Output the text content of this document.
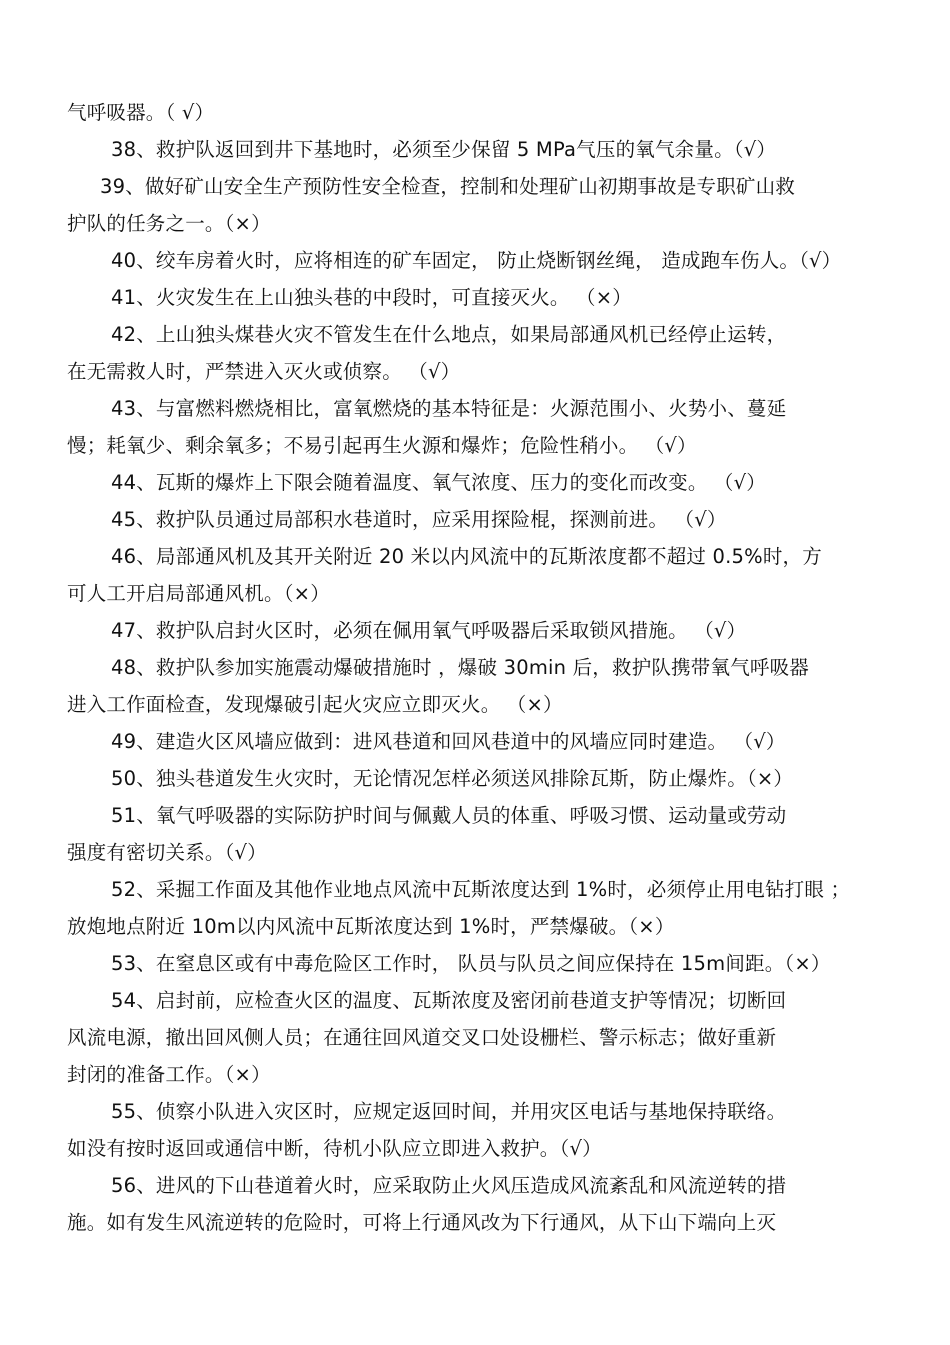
气呼吸器。（ √）
38、救护队返回到井下基地时，必须至少保留 5 MPa气压的氧气余量。（√）
39、做好矿山安全生产预防性安全检查，控制和处理矿山初期事故是专职矿山救
护队的任务之一。（×）
40、绞车房着火时，应将相连的矿车固定， 防止烧断钢丝绳， 造成跑车伤人。（√）
41、火灾发生在上山独头巷的中段时，可直接灭火。 （×）
42、上山独头煤巷火灾不管发生在什么地点，如果局部通风机已经停止运转，
在无需救人时，严禁进入灭火或侦察。 （√）
43、与富燃料燃烧相比，富氧燃烧的基本特征是：火源范围小、火势小、蔓延
慢；耗氧少、剩余氧多；不易引起再生火源和爆炸；危险性稍小。 （√）
44、瓦斯的爆炸上下限会随着温度、氧气浓度、压力的变化而改变。 （√）
45、救护队员通过局部积水巷道时，应采用探险棍，探测前进。 （√）
46、局部通风机及其开关附近 20 米以内风流中的瓦斯浓度都不超过 0.5%时，方
可人工开启局部通风机。（×）
47、救护队启封火区时，必须在佩用氧气呼吸器后采取锁风措施。 （√）
48、救护队参加实施震动爆破措施时 ，爆破 30min 后，救护队携带氧气呼吸器
进入工作面检查，发现爆破引起火灾应立即灭火。 （×）
49、建造火区风墙应做到：进风巷道和回风巷道中的风墙应同时建造。 （√）
50、独头巷道发生火灾时，无论情况怎样必须送风排除瓦斯，防止爆炸。（×）
51、氧气呼吸器的实际防护时间与佩戴人员的体重、呼吸习惯、运动量或劳动
强度有密切关系。（√）
52、采掘工作面及其他作业地点风流中瓦斯浓度达到 1%时，必须停止用电钻打眼 ；
放炮地点附近 10m以内风流中瓦斯浓度达到 1%时，严禁爆破。（×）
53、在窒息区或有中毒危险区工作时， 队员与队员之间应保持在 15m间距。（×）
54、启封前，应检查火区的温度、瓦斯浓度及密闭前巷道支护等情况；切断回
风流电源，撤出回风侧人员；在通往回风道交叉口处设栅栏、警示标志；做好重新
封闭的准备工作。（×）
55、侦察小队进入灾区时，应规定返回时间，并用灾区电话与基地保持联络。
如没有按时返回或通信中断，待机小队应立即进入救护。（√）
56、进风的下山巷道着火时，应采取防止火风压造成风流紊乱和风流逆转的措
施。如有发生风流逆转的危险时，可将上行通风改为下行通风，从下山下端向上灭
